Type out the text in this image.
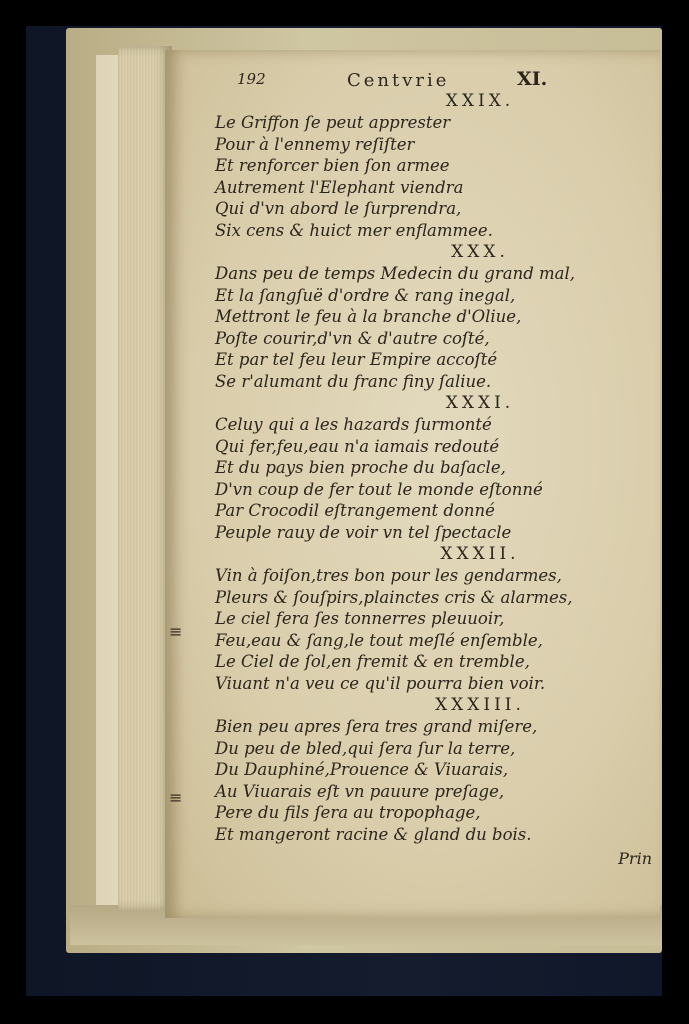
192	Centvrie	XI.
≡
≡
XXIX.
Le Griffon ſe peut apprester
Pour à l'ennemy reſiſter
Et renforcer bien ſon armee
Autrement l'Elephant viendra
Qui d'vn abord le ſurprendra,
Six cens & huict mer enflammee.
XXX.
Dans peu de temps Medecin du grand mal,
Et la ſangſuë d'ordre & rang inegal,
Mettront le feu à la branche d'Oliue,
Poſte courir,d'vn & d'autre coſté,
Et par tel feu leur Empire accoſté
Se r'alumant du franc finy ſaliue.
XXXI.
Celuy qui a les hazards ſurmonté
Qui fer,feu,eau n'a iamais redouté
Et du pays bien proche du baſacle,
D'vn coup de fer tout le monde eſtonné
Par Crocodil eſtrangement donné
Peuple rauy de voir vn tel ſpectacle
XXXII.
Vin à foiſon,tres bon pour les gendarmes,
Pleurs & ſouſpirs,plainctes cris & alarmes,
Le ciel fera ſes tonnerres pleuuoir,
Feu,eau & ſang,le tout meſlé enſemble,
Le Ciel de ſol,en fremit & en tremble,
Viuant n'a veu ce qu'il pourra bien voir.
XXXIII.
Bien peu apres ſera tres grand miſere,
Du peu de bled,qui ſera ſur la terre,
Du Dauphiné,Prouence & Viuarais,
Au Viuarais eſt vn pauure preſage,
Pere du fils ſera au tropophage,
Et mangeront racine & gland du bois.
Prin
